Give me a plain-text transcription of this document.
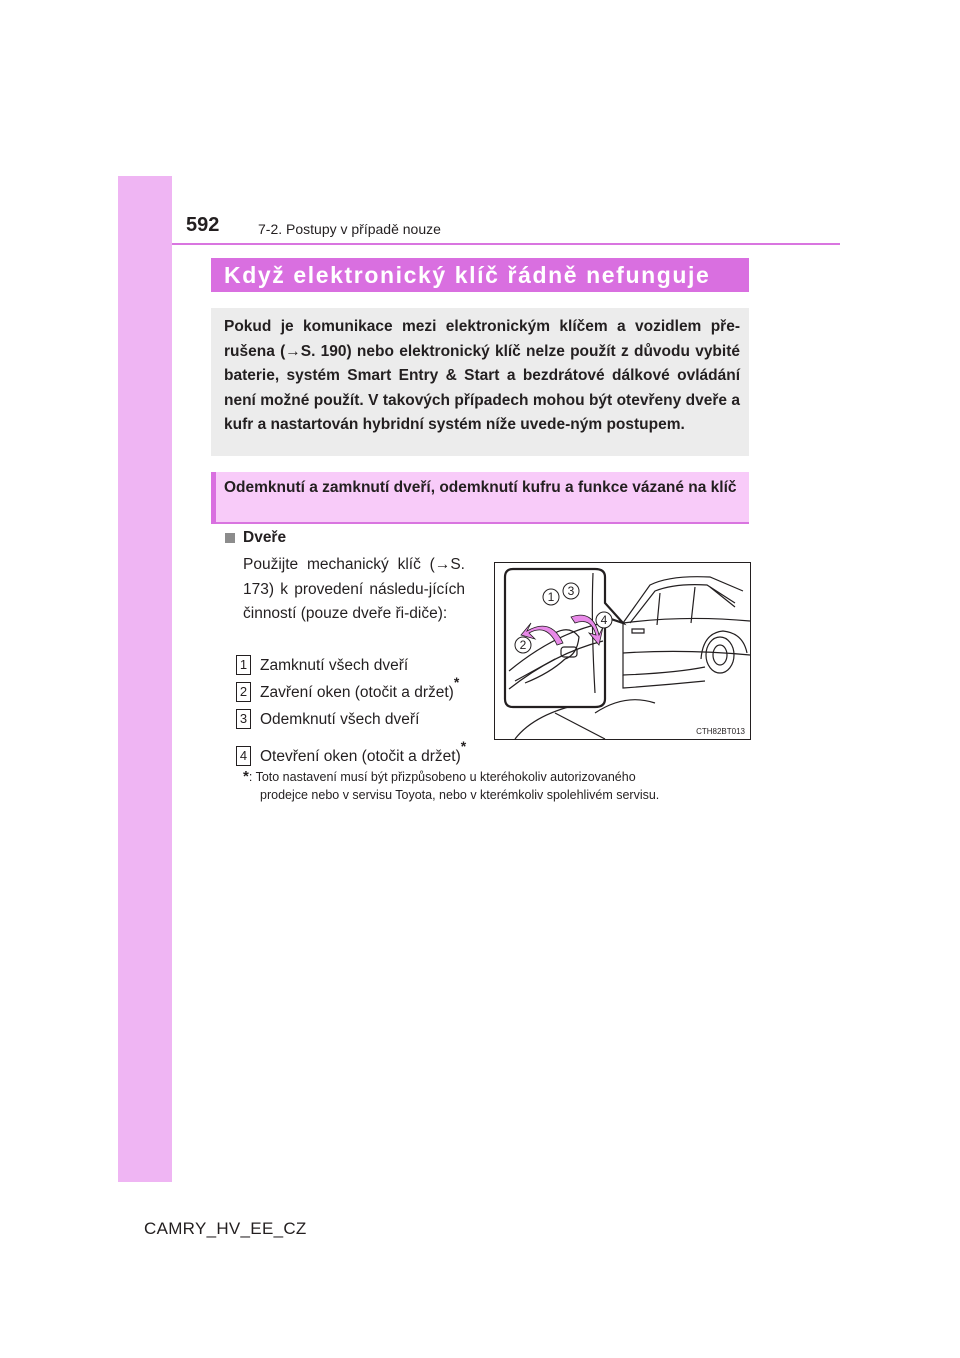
592	7-2. Postupy v případě nouze
Když elektronický klíč řádně nefunguje
Pokud je komunikace mezi elektronickým klíčem a vozidlem pře-rušena (→S. 190) nebo elektronický klíč nelze použít z důvodu vybité baterie, systém Smart Entry & Start a bezdrátové dálkové ovládání není možné použít. V takových případech mohou být otevřeny dveře a kufr a nastartován hybridní systém níže uvede-ným postupem.
Odemknutí a zamknutí dveří, odemknutí kufru a funkce vázané na klíč
Dveře
Použijte mechanický klíč (→S. 173) k provedení následu-jících činností (pouze dveře ři-diče):
1 Zamknutí všech dveří
2 Zavření oken (otočit a držet)*
3 Odemknutí všech dveří
4 Otevření oken (otočit a držet)*
*: Toto nastavení musí být přizpůsobeno u kteréhokoliv autorizovaného
prodejce nebo v servisu Toyota, nebo v kterémkoliv spolehlivém servisu.
1 3
2
4
CTH82BT013
CAMRY_HV_EE_CZ
